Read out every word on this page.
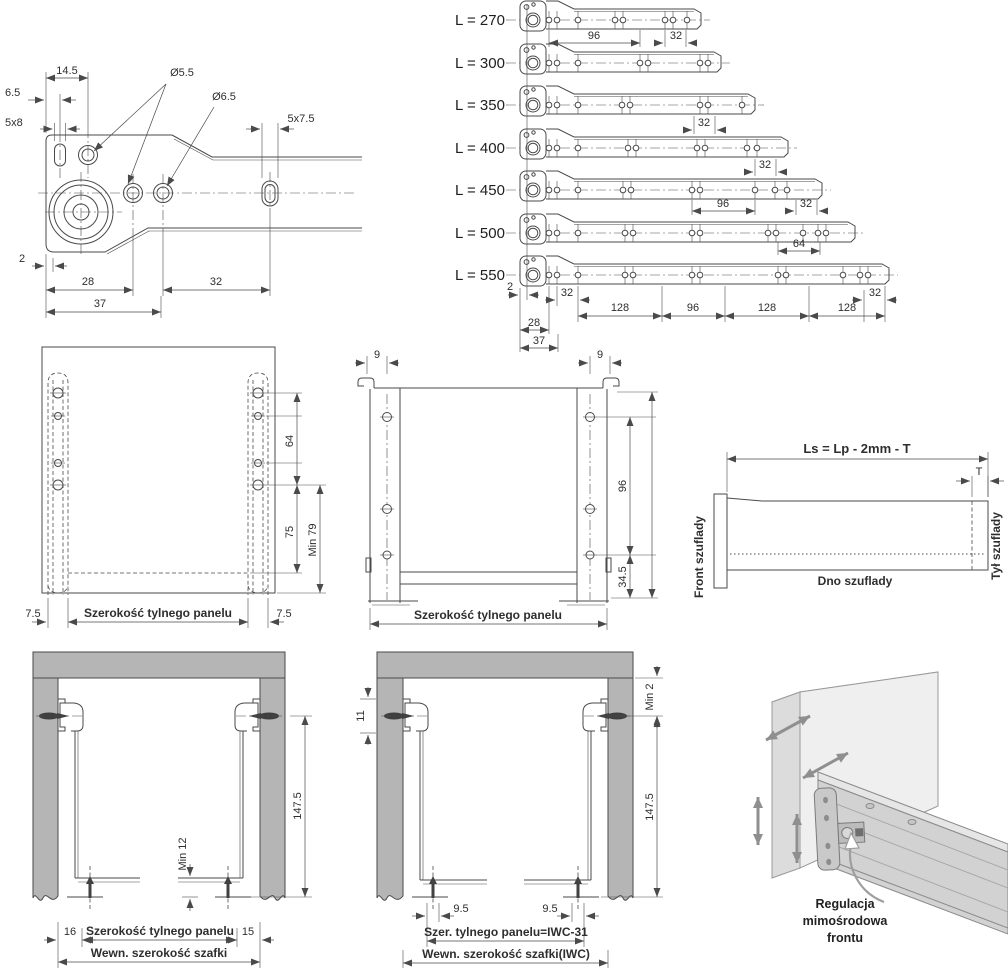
14.5
6.5
5x8
Ø5.5
Ø6.5
5x7.5
2
28	32
37
L = 270
L = 300
L = 350
L = 400
L = 450
L = 500
L = 550
96	32
32
32
96	32
64
2	32
128	96	128	128
32
28
37
64
75 Min 79
7.5	Szerokość tylnego panelu	7.5
9	9
96
34.5
Szerokość tylnego panelu
Ls = Lp - 2mm - T
T
Front szuflady	Dno szuflady
Tył szuflady
Min 12
147.5
16 Szerokość tylnego panelu 15
Wewn. szerokość szafki
11
Min 2
147.5
9.5	9.5
Szer. tylnego panelu=IWC-31
Wewn. szerokość szafki(IWC)
Regulacja
mimośrodowa
frontu
